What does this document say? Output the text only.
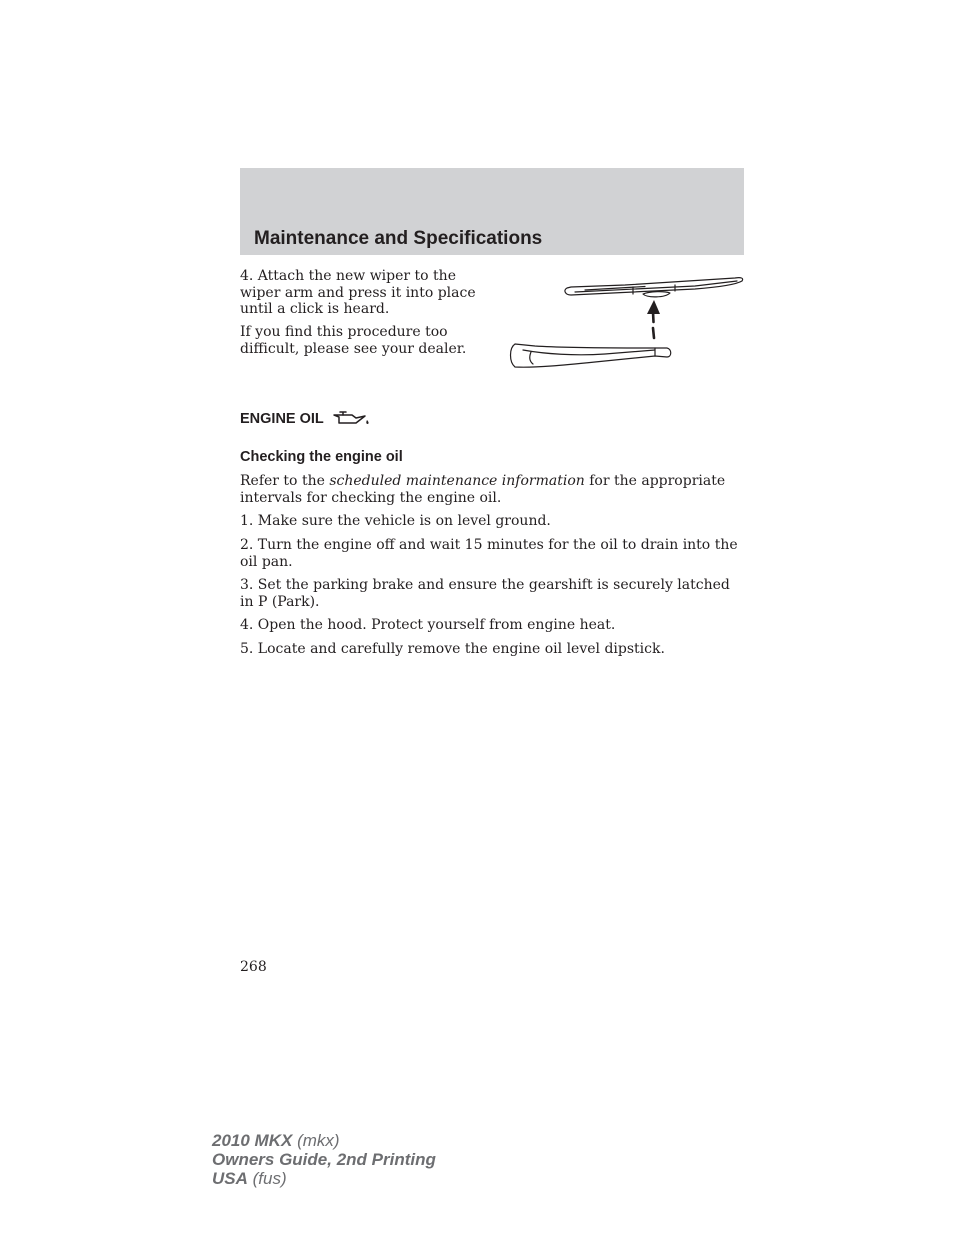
Maintenance and Specifications

4. Attach the new wiper to the wiper arm and press it into place until a click is heard.

If you find this procedure too difficult, please see your dealer.

ENGINE OIL
Checking the engine oil

Refer to the scheduled maintenance information for the appropriate intervals for checking the engine oil.

1. Make sure the vehicle is on level ground.

2. Turn the engine off and wait 15 minutes for the oil to drain into the oil pan.

3. Set the parking brake and ensure the gearshift is securely latched in P (Park).

4. Open the hood. Protect yourself from engine heat.

5. Locate and carefully remove the engine oil level dipstick.

268
2010 MKX (mkx)
Owners Guide, 2nd Printing
USA (fus)
